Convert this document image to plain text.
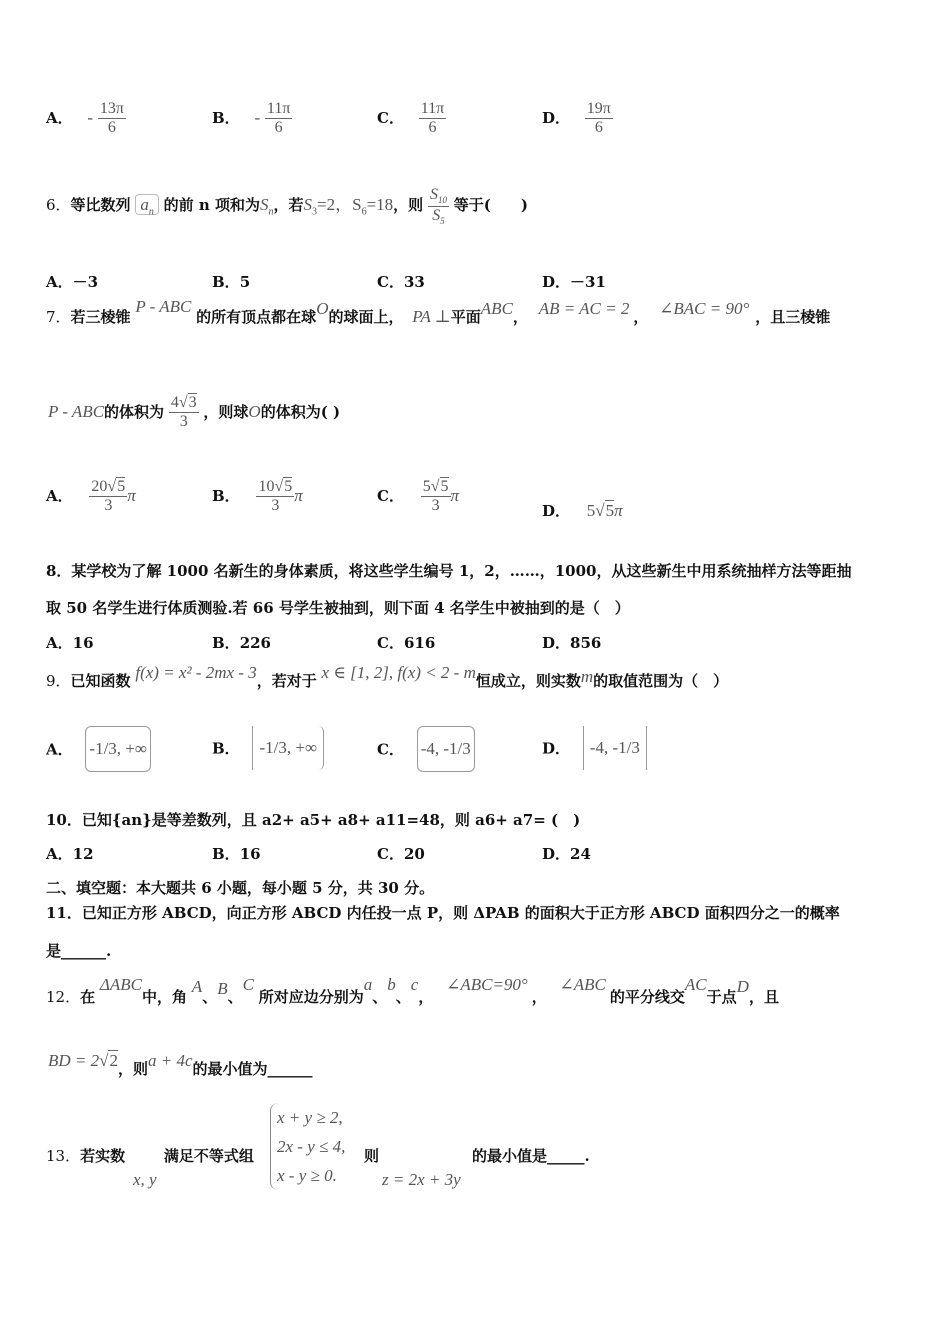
A． - $\frac{13\pi}{6}$	B． - $\frac{11\pi}{6}$	C． $\frac{11\pi}{6}$	D． $\frac{19\pi}{6}$
6．等比数列 $a_n$ 的前 n 项和为$S_n$，若$S_3=2$，$S_6=18$，则 $\frac{S_{10}}{S_5}$ 等于(　　)
A．－3	B．5	C．33	D．－31
7．若三棱锥 P - ABC 的所有顶点都在球O的球面上， PA ⊥平面ABC， AB = AC = 2 ， ∠BAC = 90° ，且三棱锥
P - ABC的体积为 $\frac{4√3}{3}$ ，则球O的体积为( )
A． $\frac{20√5}{3}$ π	B． $\frac{10√5}{3}$ π	C． $\frac{5√5}{3}$ π
D． 5√5π
8．某学校为了解 1000 名新生的身体素质，将这些学生编号 1，2，……，1000，从这些新生中用系统抽样方法等距抽
取 50 名学生进行体质测验.若 66 号学生被抽到，则下面 4 名学生中被抽到的是（　）
A．16	B．226	C．616	D．856
9．已知函数 f(x) = x² - 2mx - 3，若对于 x ∈ [1, 2], f(x) < 2 - m恒成立，则实数m的取值范围为（　）
A． -1/3, +∞	B． -1/3, +∞	C． -4, -1/3	D． -4, -1/3
10．已知{an}是等差数列，且 a2+ a5+ a8+ a11=48，则 a6+ a7= (　)
A．12	B．16	C．20	D．24
二、填空题：本大题共 6 小题，每小题 5 分，共 30 分。
11．已知正方形 ABCD，向正方形 ABCD 内任投一点 P，则 ΔPAB 的面积大于正方形 ABCD 面积四分之一的概率
是______.
12．在 ΔABC中，角 A、B、C 所对应边分别为a、b、c， ∠ABC=90°， ∠ABC的平分线交AC于点D，且
BD = 2√2，则a + 4c的最小值为______
13．若实数	满足不等式组
x, y
x + y ≥ 2,
2x - y ≤ 4,
x - y ≥ 0.
则
z = 2x + 3y
的最小值是_____.
